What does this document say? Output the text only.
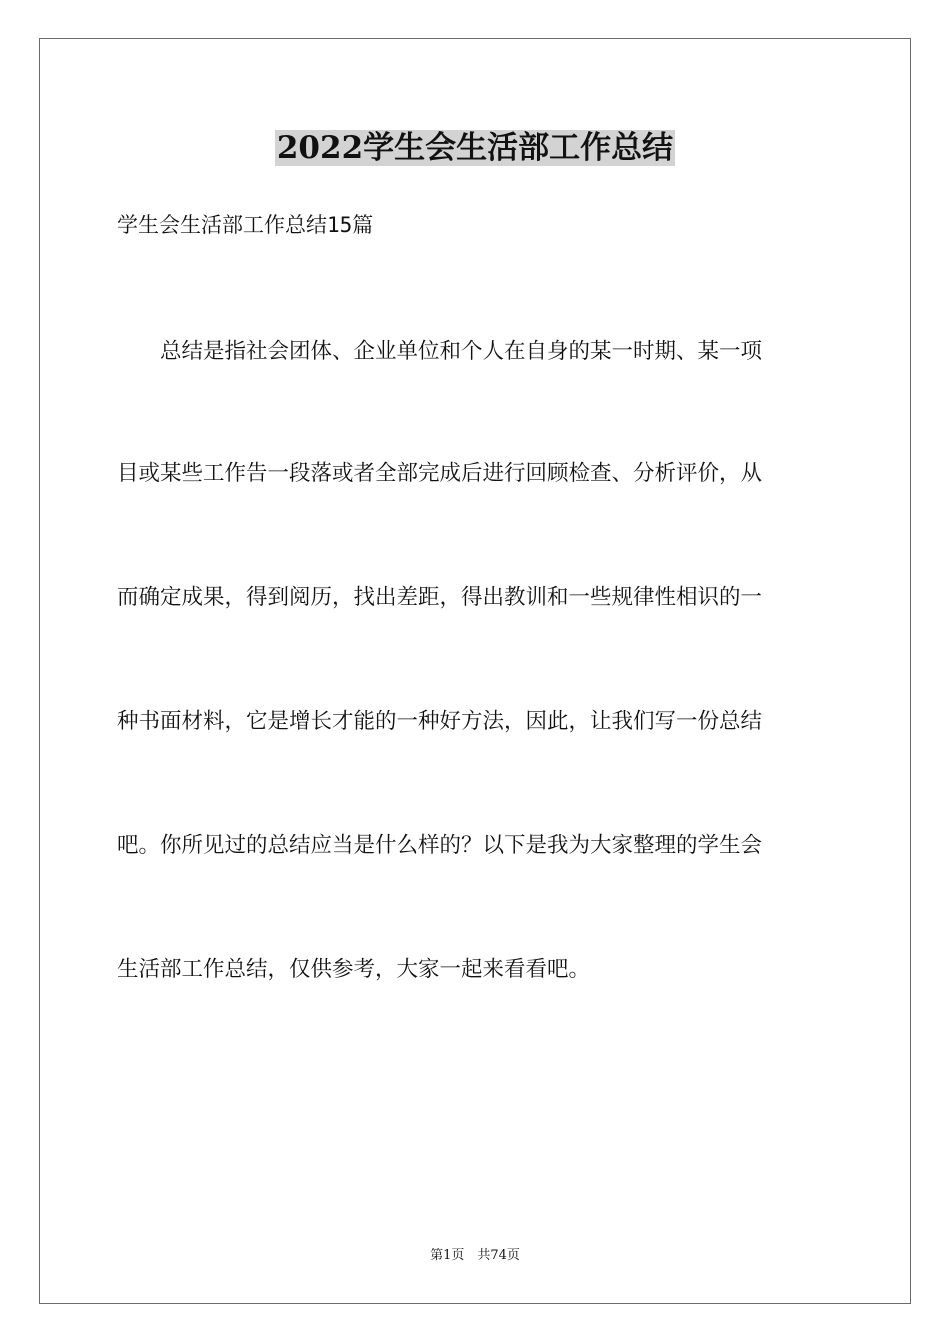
2022学生会生活部工作总结

学生会生活部工作总结15篇

　　总结是指社会团体、企业单位和个人在自身的某一时期、某一项

目或某些工作告一段落或者全部完成后进行回顾检查、分析评价，从

而确定成果，得到阅历，找出差距，得出教训和一些规律性相识的一

种书面材料，它是增长才能的一种好方法，因此，让我们写一份总结

吧。你所见过的总结应当是什么样的？以下是我为大家整理的学生会

生活部工作总结，仅供参考，大家一起来看看吧。

第1页　共74页
